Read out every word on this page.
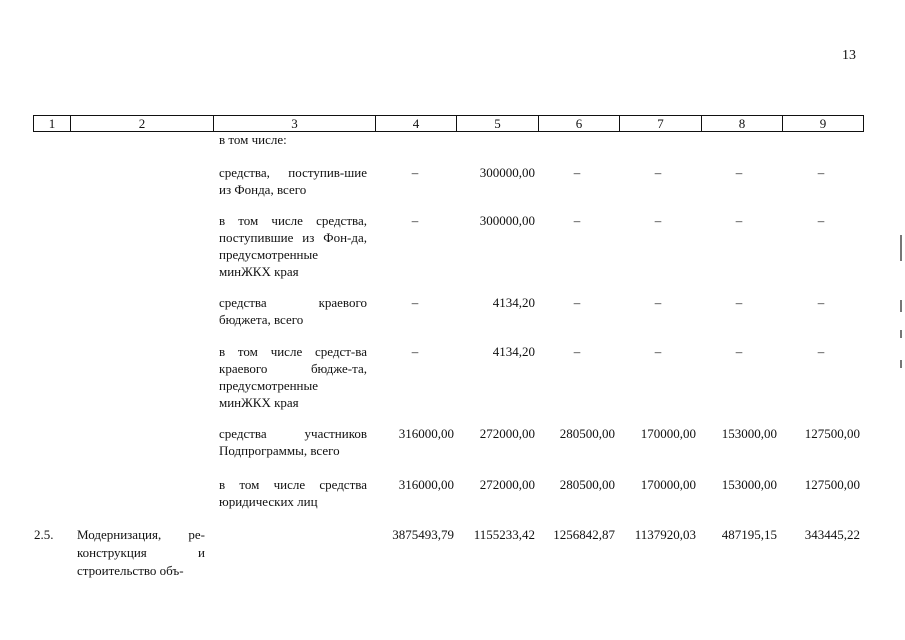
13
1	2	3	4	5	6	7	8	9
в том числе:
средства, поступив-шие из Фонда, всего
–	300000,00	–	–	–	–
в том числе средства, поступившие из Фон-да, предусмотренные минЖКХ края
–	300000,00	–	–	–	–
средства краевого бюджета, всего
–	4134,20	–	–	–	–
в том числе средст-ва краевого бюдже-та, предусмотренные минЖКХ края
–	4134,20	–	–	–	–
средства участников Подпрограммы, всего
316000,00 272000,00 280500,00 170000,00 153000,00 127500,00
в том числе средства юридических лиц
316000,00 272000,00 280500,00 170000,00 153000,00 127500,00
2.5. Модернизация, ре-конструкция и строительство объ-
3875493,79 1155233,42 1256842,87 1137920,03 487195,15 343445,22
